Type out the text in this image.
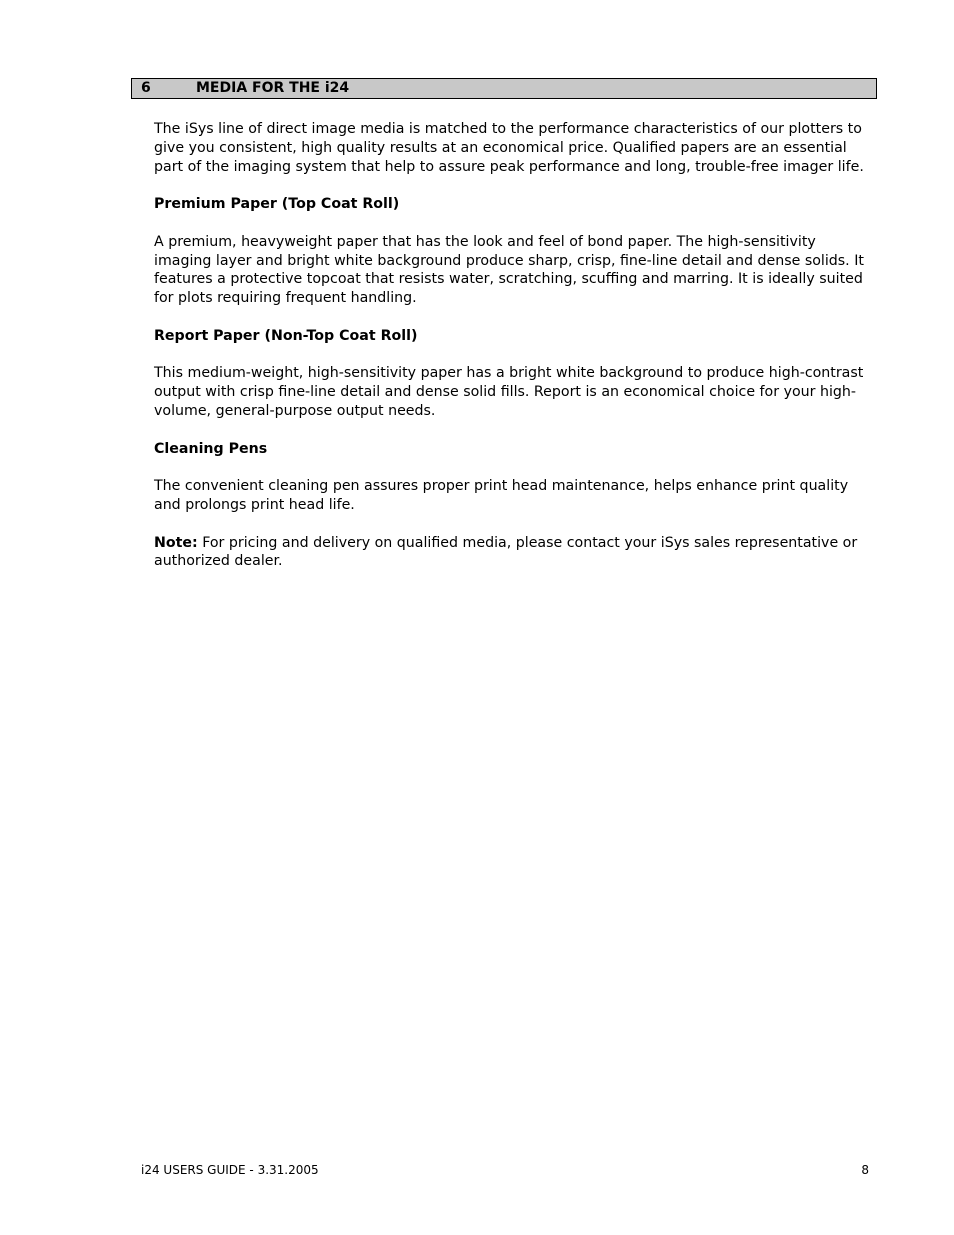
6	MEDIA FOR THE i24

The iSys line of direct image media is matched to the performance characteristics of our plotters to give you consistent, high quality results at an economical price. Qualified papers are an essential part of the imaging system that help to assure peak performance and long, trouble-free imager life.

Premium Paper (Top Coat Roll)

A premium, heavyweight paper that has the look and feel of bond paper. The high-sensitivity imaging layer and bright white background produce sharp, crisp, fine-line detail and dense solids. It features a protective topcoat that resists water, scratching, scuffing and marring. It is ideally suited for plots requiring frequent handling.

Report Paper (Non-Top Coat Roll)

This medium-weight, high-sensitivity paper has a bright white background to produce high-contrast output with crisp fine-line detail and dense solid fills. Report is an economical choice for your high-volume, general-purpose output needs.

Cleaning Pens

The convenient cleaning pen assures proper print head maintenance, helps enhance print quality and prolongs print head life.

Note: For pricing and delivery on qualified media, please contact your iSys sales representative or authorized dealer.

i24 USERS GUIDE - 3.31.2005	8
